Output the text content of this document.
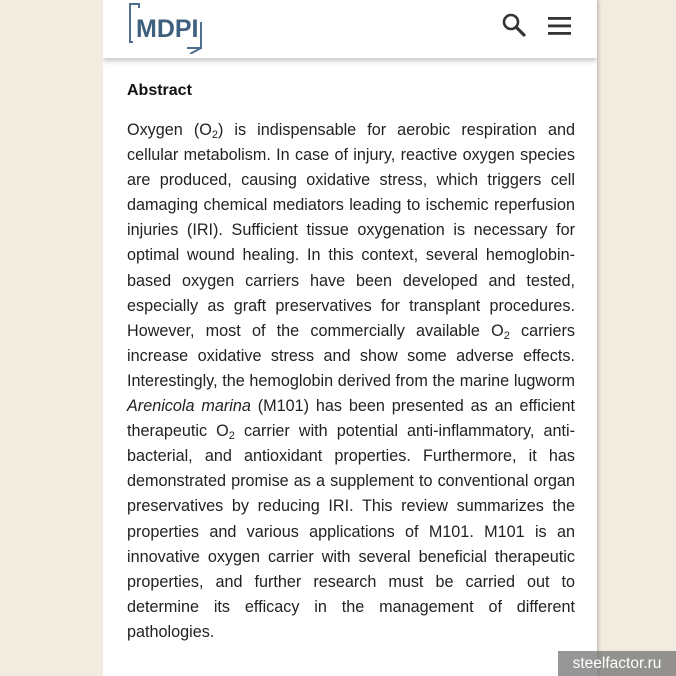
MDPI
Abstract

Oxygen $(O_2)$ is indispensable for aerobic respiration and cellular metabolism. In case of injury, reactive oxygen species are produced, causing oxidative stress, which triggers cell damaging chemical mediators leading to ischemic reperfusion injuries (IRI). Sufficient tissue oxygenation is necessary for optimal wound healing. In this context, several hemoglobin-based oxygen carriers have been developed and tested, especially as graft preservatives for transplant procedures. However, most of the commercially available $O_2$ carriers increase oxidative stress and show some adverse effects. Interestingly, the hemoglobin derived from the marine lugworm Arenicola marina (M101) has been presented as an efficient therapeutic $O_2$ carrier with potential anti-inflammatory, anti-bacterial, and antioxidant properties. Furthermore, it has demonstrated promise as a supplement to conventional organ preservatives by reducing IRI. This review summarizes the properties and various applications of M101. M101 is an innovative oxygen carrier with several beneficial therapeutic properties, and further research must be carried out to determine its efficacy in the management of different pathologies.

steelfactor.ru
